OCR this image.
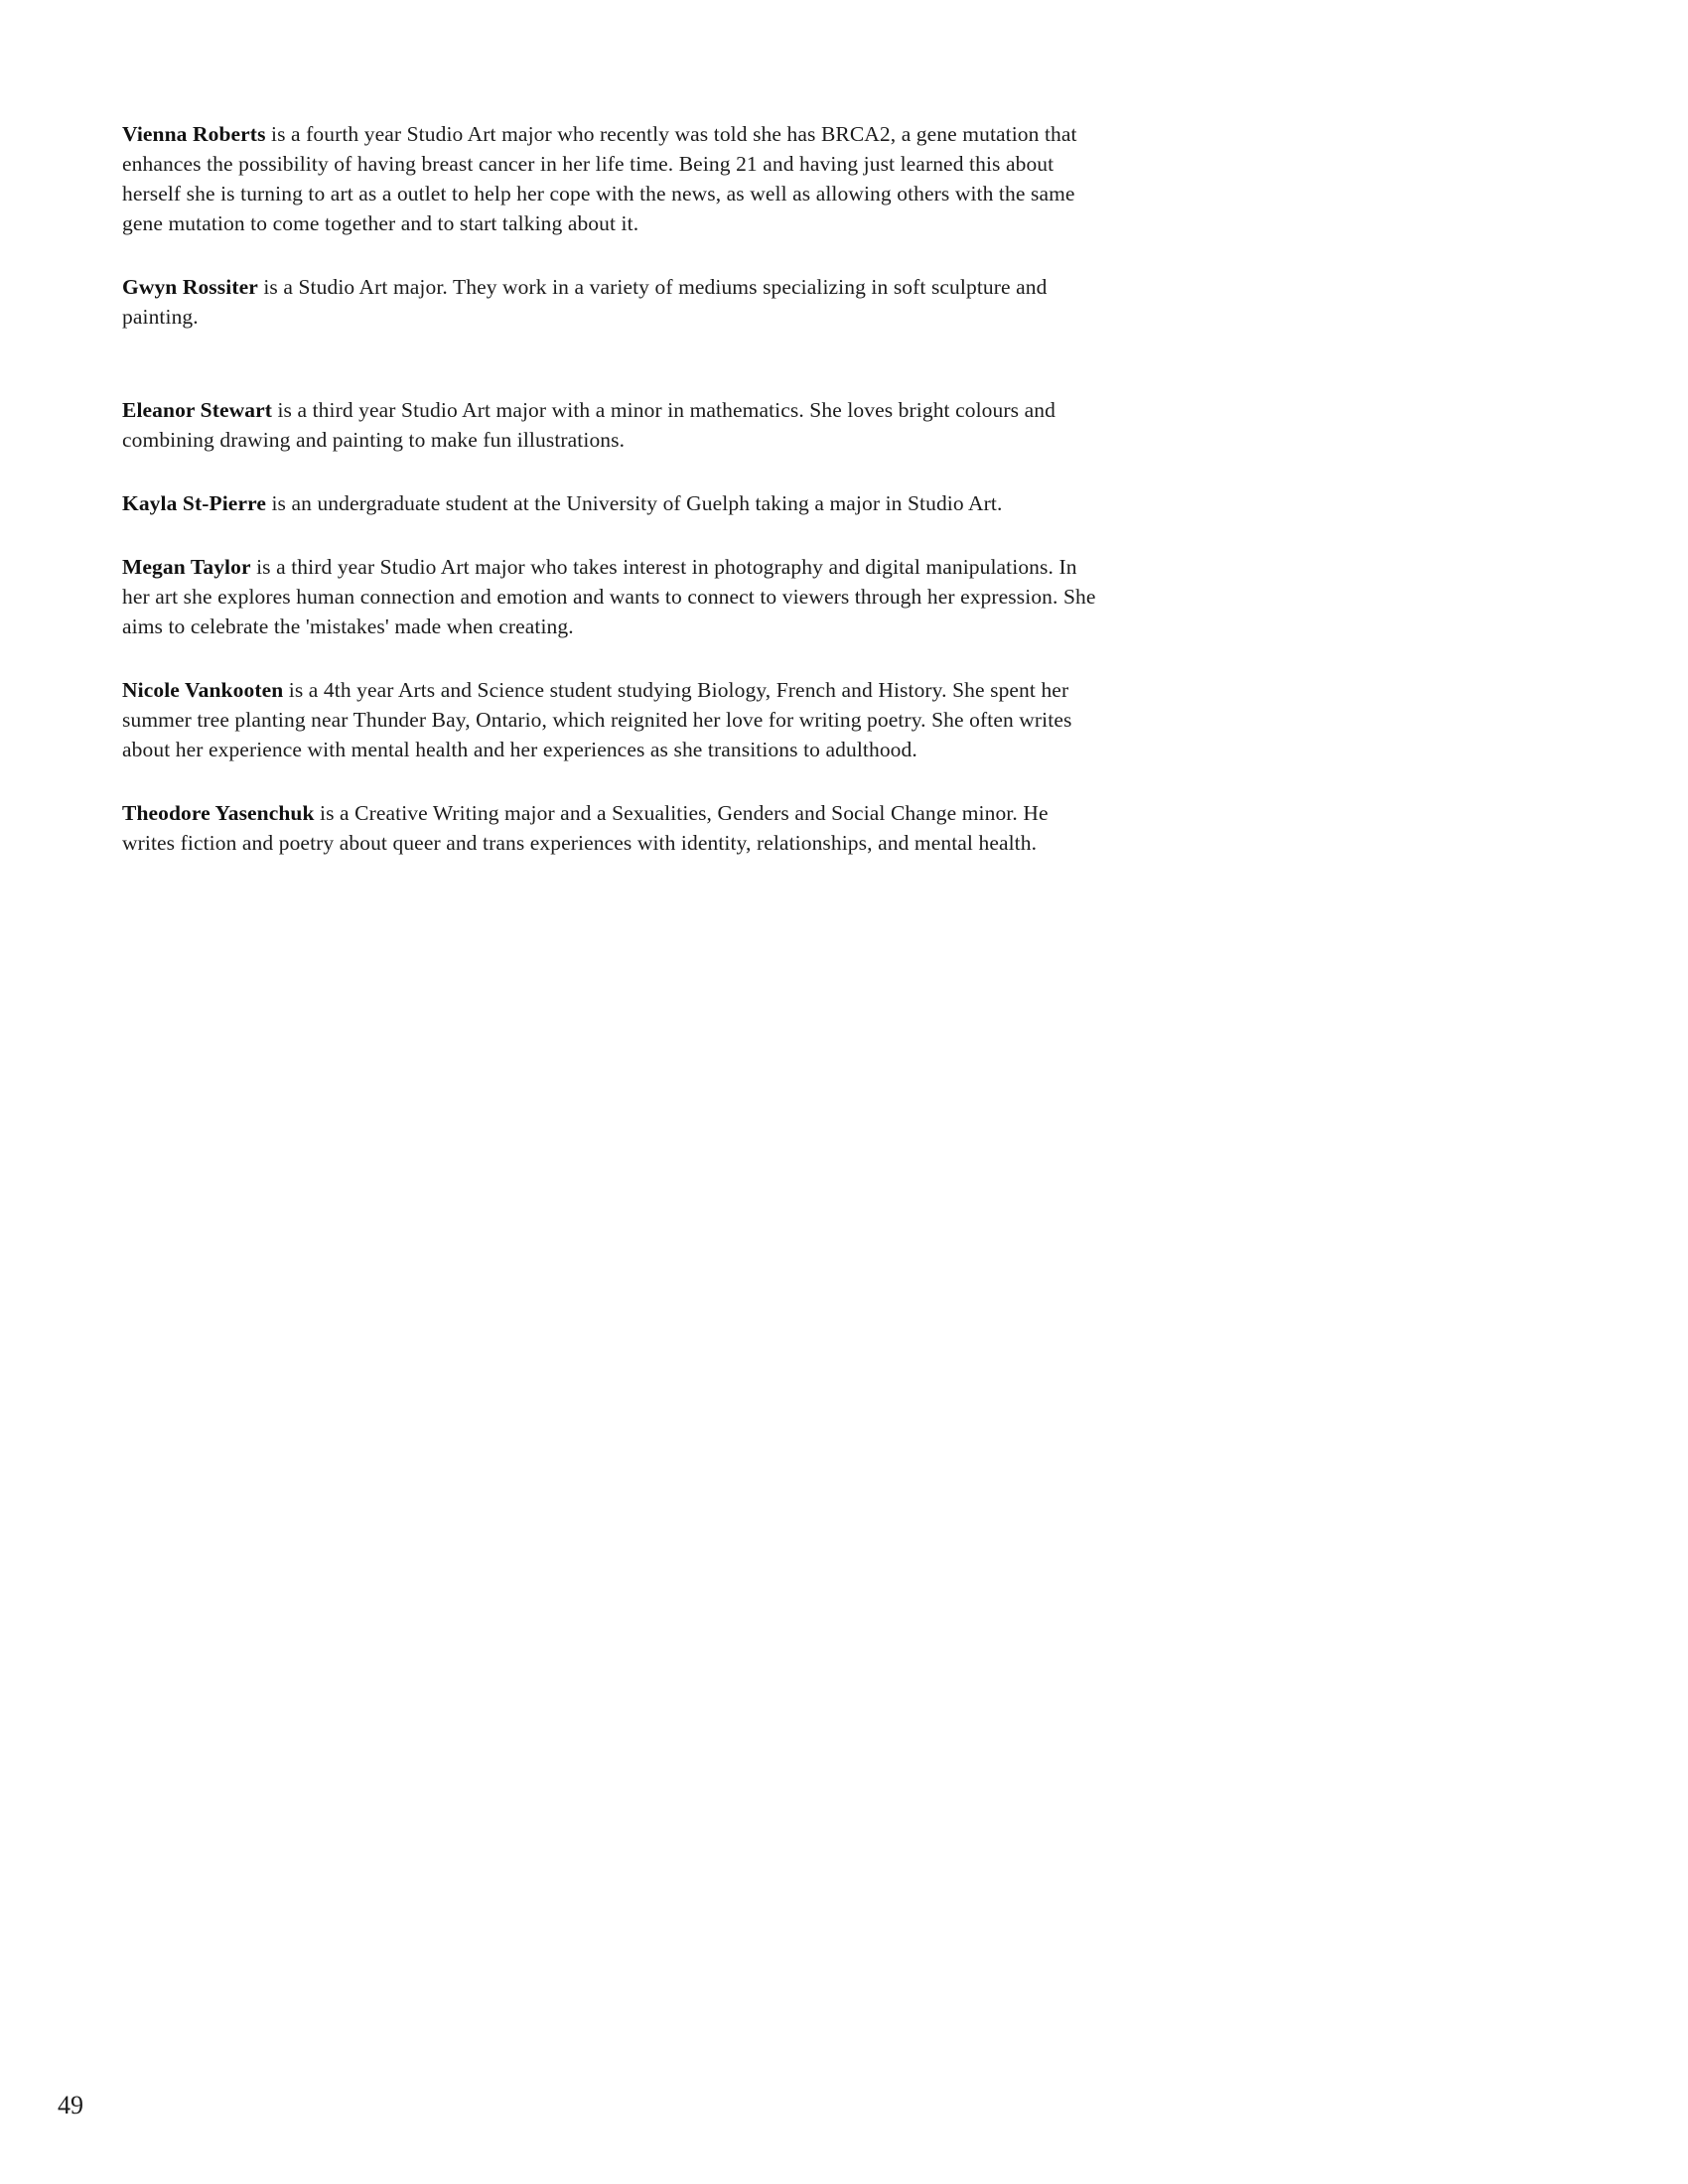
Vienna Roberts is a fourth year Studio Art major who recently was told she has BRCA2, a gene mutation that enhances the possibility of having breast cancer in her life time. Being 21 and having just learned this about herself she is turning to art as a outlet to help her cope with the news, as well as allowing others with the same gene mutation to come together and to start talking about it.

Gwyn Rossiter is a Studio Art major. They work in a variety of mediums specializing in soft sculpture and painting.

Eleanor Stewart is a third year Studio Art major with a minor in mathematics. She loves bright colours and combining drawing and painting to make fun illustrations.

Kayla St-Pierre is an undergraduate student at the University of Guelph taking a major in Studio Art.

Megan Taylor is a third year Studio Art major who takes interest in photography and digital manipulations. In her art she explores human connection and emotion and wants to connect to viewers through her expression. She aims to celebrate the 'mistakes' made when creating.

Nicole Vankooten is a 4th year Arts and Science student studying Biology, French and History. She spent her summer tree planting near Thunder Bay, Ontario, which reignited her love for writing poetry. She often writes about her experience with mental health and her experiences as she transitions to adulthood.

Theodore Yasenchuk is a Creative Writing major and a Sexualities, Genders and Social Change minor. He writes fiction and poetry about queer and trans experiences with identity, relationships, and mental health.

49
